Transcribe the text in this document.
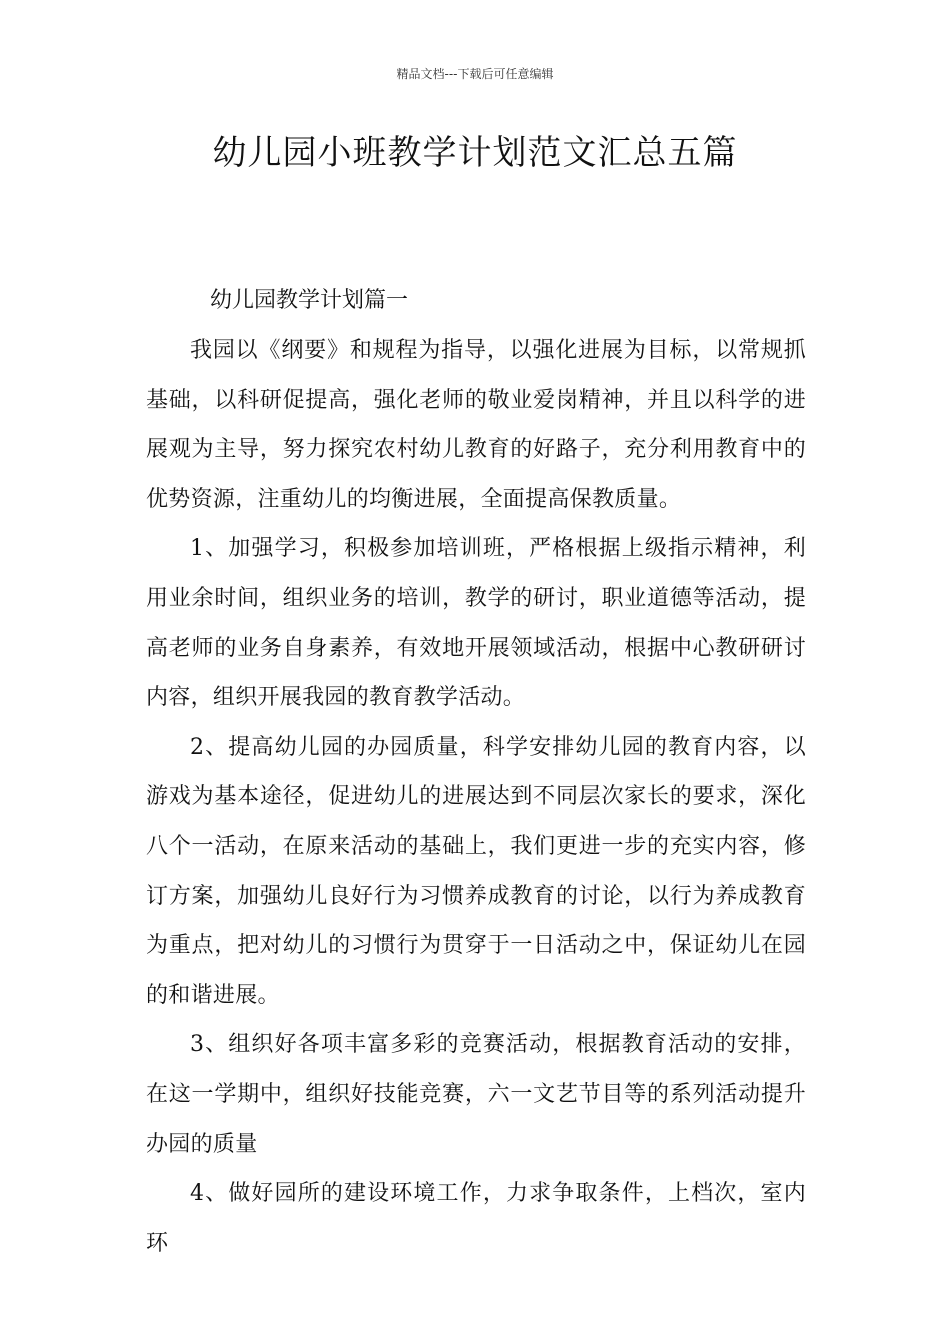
精品文档---下载后可任意编辑
幼儿园小班教学计划范文汇总五篇

幼儿园教学计划篇一

我园以《纲要》和规程为指导，以强化进展为目标，以常规抓基础，以科研促提高，强化老师的敬业爱岗精神，并且以科学的进展观为主导，努力探究农村幼儿教育的好路子，充分利用教育中的优势资源，注重幼儿的均衡进展，全面提高保教质量。

1、加强学习，积极参加培训班，严格根据上级指示精神，利用业余时间，组织业务的培训，教学的研讨，职业道德等活动，提高老师的业务自身素养，有效地开展领域活动，根据中心教研研讨内容，组织开展我园的教育教学活动。

2、提高幼儿园的办园质量，科学安排幼儿园的教育内容，以游戏为基本途径，促进幼儿的进展达到不同层次家长的要求，深化八个一活动，在原来活动的基础上，我们更进一步的充实内容，修订方案，加强幼儿良好行为习惯养成教育的讨论，以行为养成教育为重点，把对幼儿的习惯行为贯穿于一日活动之中，保证幼儿在园的和谐进展。

3、组织好各项丰富多彩的竞赛活动，根据教育活动的安排，在这一学期中，组织好技能竞赛，六一文艺节目等的系列活动提升办园的质量

4、做好园所的建设环境工作，力求争取条件，上档次，室内环
